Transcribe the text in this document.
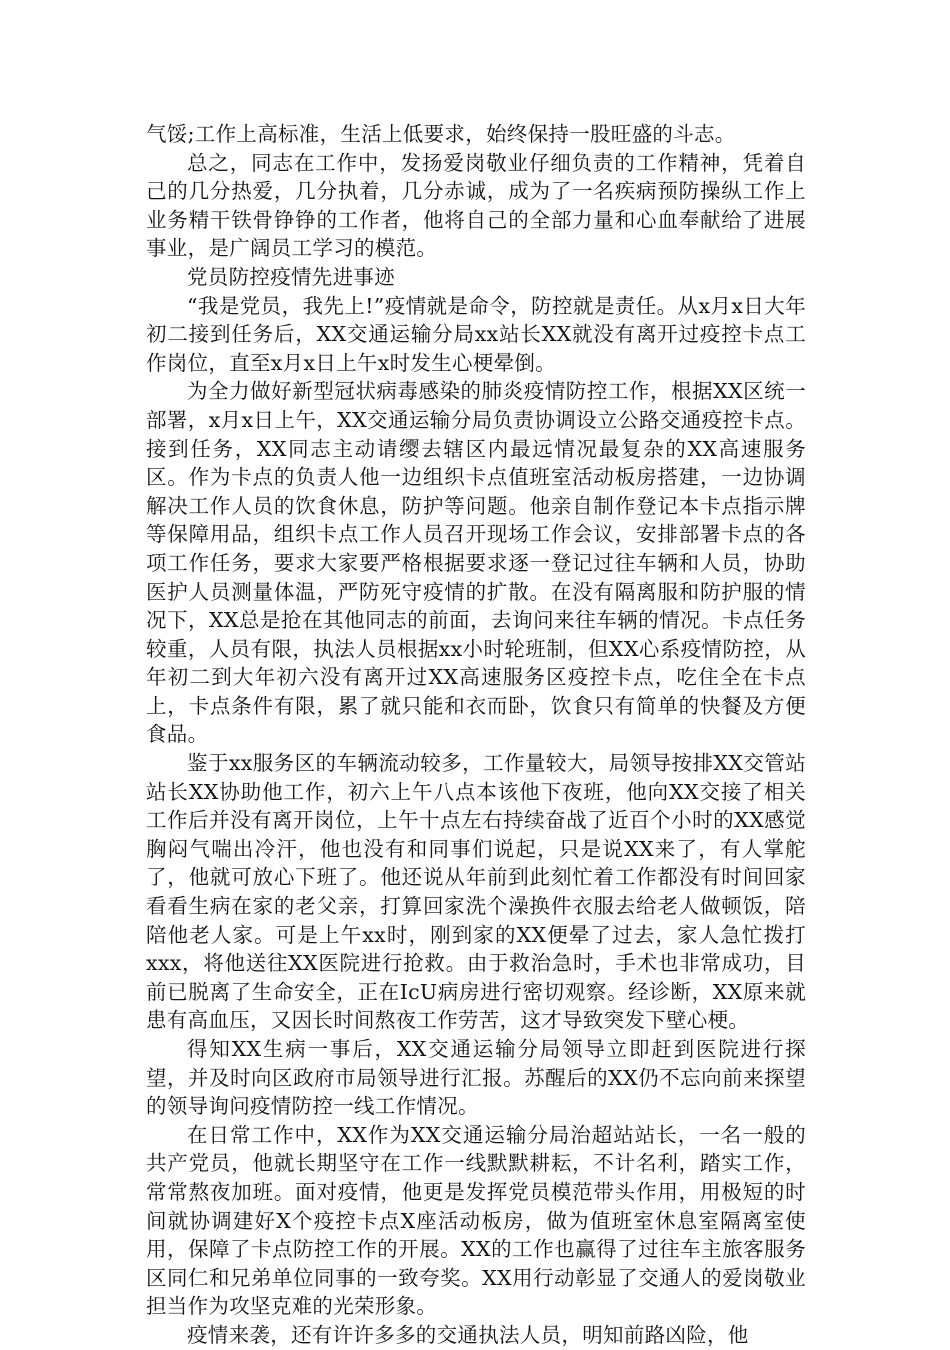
气馁;工作上高标准，生活上低要求，始终保持一股旺盛的斗志。

总之，同志在工作中，发扬爱岗敬业仔细负责的工作精神，凭着自己的几分热爱，几分执着，几分赤诚，成为了一名疾病预防操纵工作上业务精干铁骨铮铮的工作者，他将自己的全部力量和心血奉献给了进展事业，是广阔员工学习的模范。

党员防控疫情先进事迹

“我是党员，我先上!”疫情就是命令，防控就是责任。从x月x日大年初二接到任务后，XX交通运输分局xx站长XX就没有离开过疫控卡点工作岗位，直至x月x日上午x时发生心梗晕倒。

为全力做好新型冠状病毒感染的肺炎疫情防控工作，根据XX区统一部署，x月x日上午，XX交通运输分局负责协调设立公路交通疫控卡点。接到任务，XX同志主动请缨去辖区内最远情况最复杂的XX高速服务区。作为卡点的负责人他一边组织卡点值班室活动板房搭建，一边协调解决工作人员的饮食休息，防护等问题。他亲自制作登记本卡点指示牌等保障用品，组织卡点工作人员召开现场工作会议，安排部署卡点的各项工作任务，要求大家要严格根据要求逐一登记过往车辆和人员，协助医护人员测量体温，严防死守疫情的扩散。在没有隔离服和防护服的情况下，XX总是抢在其他同志的前面，去询问来往车辆的情况。卡点任务较重，人员有限，执法人员根据xx小时轮班制，但XX心系疫情防控，从年初二到大年初六没有离开过XX高速服务区疫控卡点，吃住全在卡点上，卡点条件有限，累了就只能和衣而卧，饮食只有简单的快餐及方便食品。

鉴于xx服务区的车辆流动较多，工作量较大，局领导按排XX交管站站长XX协助他工作，初六上午八点本该他下夜班，他向XX交接了相关工作后并没有离开岗位，上午十点左右持续奋战了近百个小时的XX感觉胸闷气喘出冷汗，他也没有和同事们说起，只是说XX来了，有人掌舵了，他就可放心下班了。他还说从年前到此刻忙着工作都没有时间回家看看生病在家的老父亲，打算回家洗个澡换件衣服去给老人做顿饭，陪陪他老人家。可是上午xx时，刚到家的XX便晕了过去，家人急忙拨打xxx，将他送往XX医院进行抢救。由于救治急时，手术也非常成功，目前已脱离了生命安全，正在IcU病房进行密切观察。经诊断，XX原来就患有高血压，又因长时间熬夜工作劳苦，这才导致突发下壁心梗。

得知XX生病一事后，XX交通运输分局领导立即赶到医院进行探望，并及时向区政府市局领导进行汇报。苏醒后的XX仍不忘向前来探望的领导询问疫情防控一线工作情况。

在日常工作中，XX作为XX交通运输分局治超站站长，一名一般的共产党员，他就长期坚守在工作一线默默耕耘，不计名利，踏实工作，常常熬夜加班。面对疫情，他更是发挥党员模范带头作用，用极短的时间就协调建好X个疫控卡点X座活动板房，做为值班室休息室隔离室使用，保障了卡点防控工作的开展。XX的工作也赢得了过往车主旅客服务区同仁和兄弟单位同事的一致夸奖。XX用行动彰显了交通人的爱岗敬业担当作为攻坚克难的光荣形象。

疫情来袭，还有许许多多的交通执法人员，明知前路凶险，他
